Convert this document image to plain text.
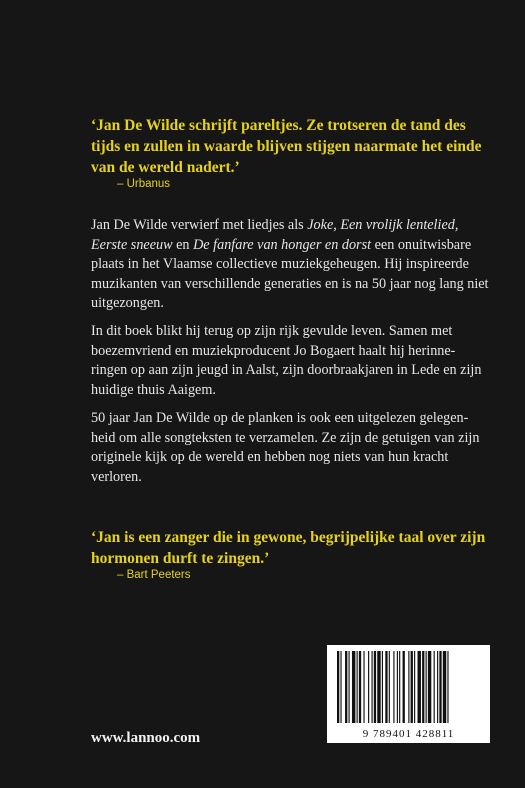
‘Jan De Wilde schrijft pareltjes. Ze trotseren de tand des tijds en zullen in waarde blijven stijgen naarmate het einde van de wereld nadert.’

– Urbanus

Jan De Wilde verwierf met liedjes als Joke, Een vrolijk lentelied, Eerste sneeuw en De fanfare van honger en dorst een onuitwisbare plaats in het Vlaamse collectieve muziekgeheugen. Hij inspireerde muzikanten van verschillende generaties en is na 50 jaar nog lang niet uitgezongen.

In dit boek blikt hij terug op zijn rijk gevulde leven. Samen met boezemvriend en muziekproducent Jo Bogaert haalt hij herinne-ringen op aan zijn jeugd in Aalst, zijn doorbraakjaren in Lede en zijn huidige thuis Aaigem.

50 jaar Jan De Wilde op de planken is ook een uitgelezen gelegen-heid om alle songteksten te verzamelen. Ze zijn de getuigen van zijn originele kijk op de wereld en hebben nog niets van hun kracht verloren.

‘Jan is een zanger die in gewone, begrijpelijke taal over zijn hormonen durft te zingen.’

– Bart Peeters
www.lannoo.com	9 789401 428811
